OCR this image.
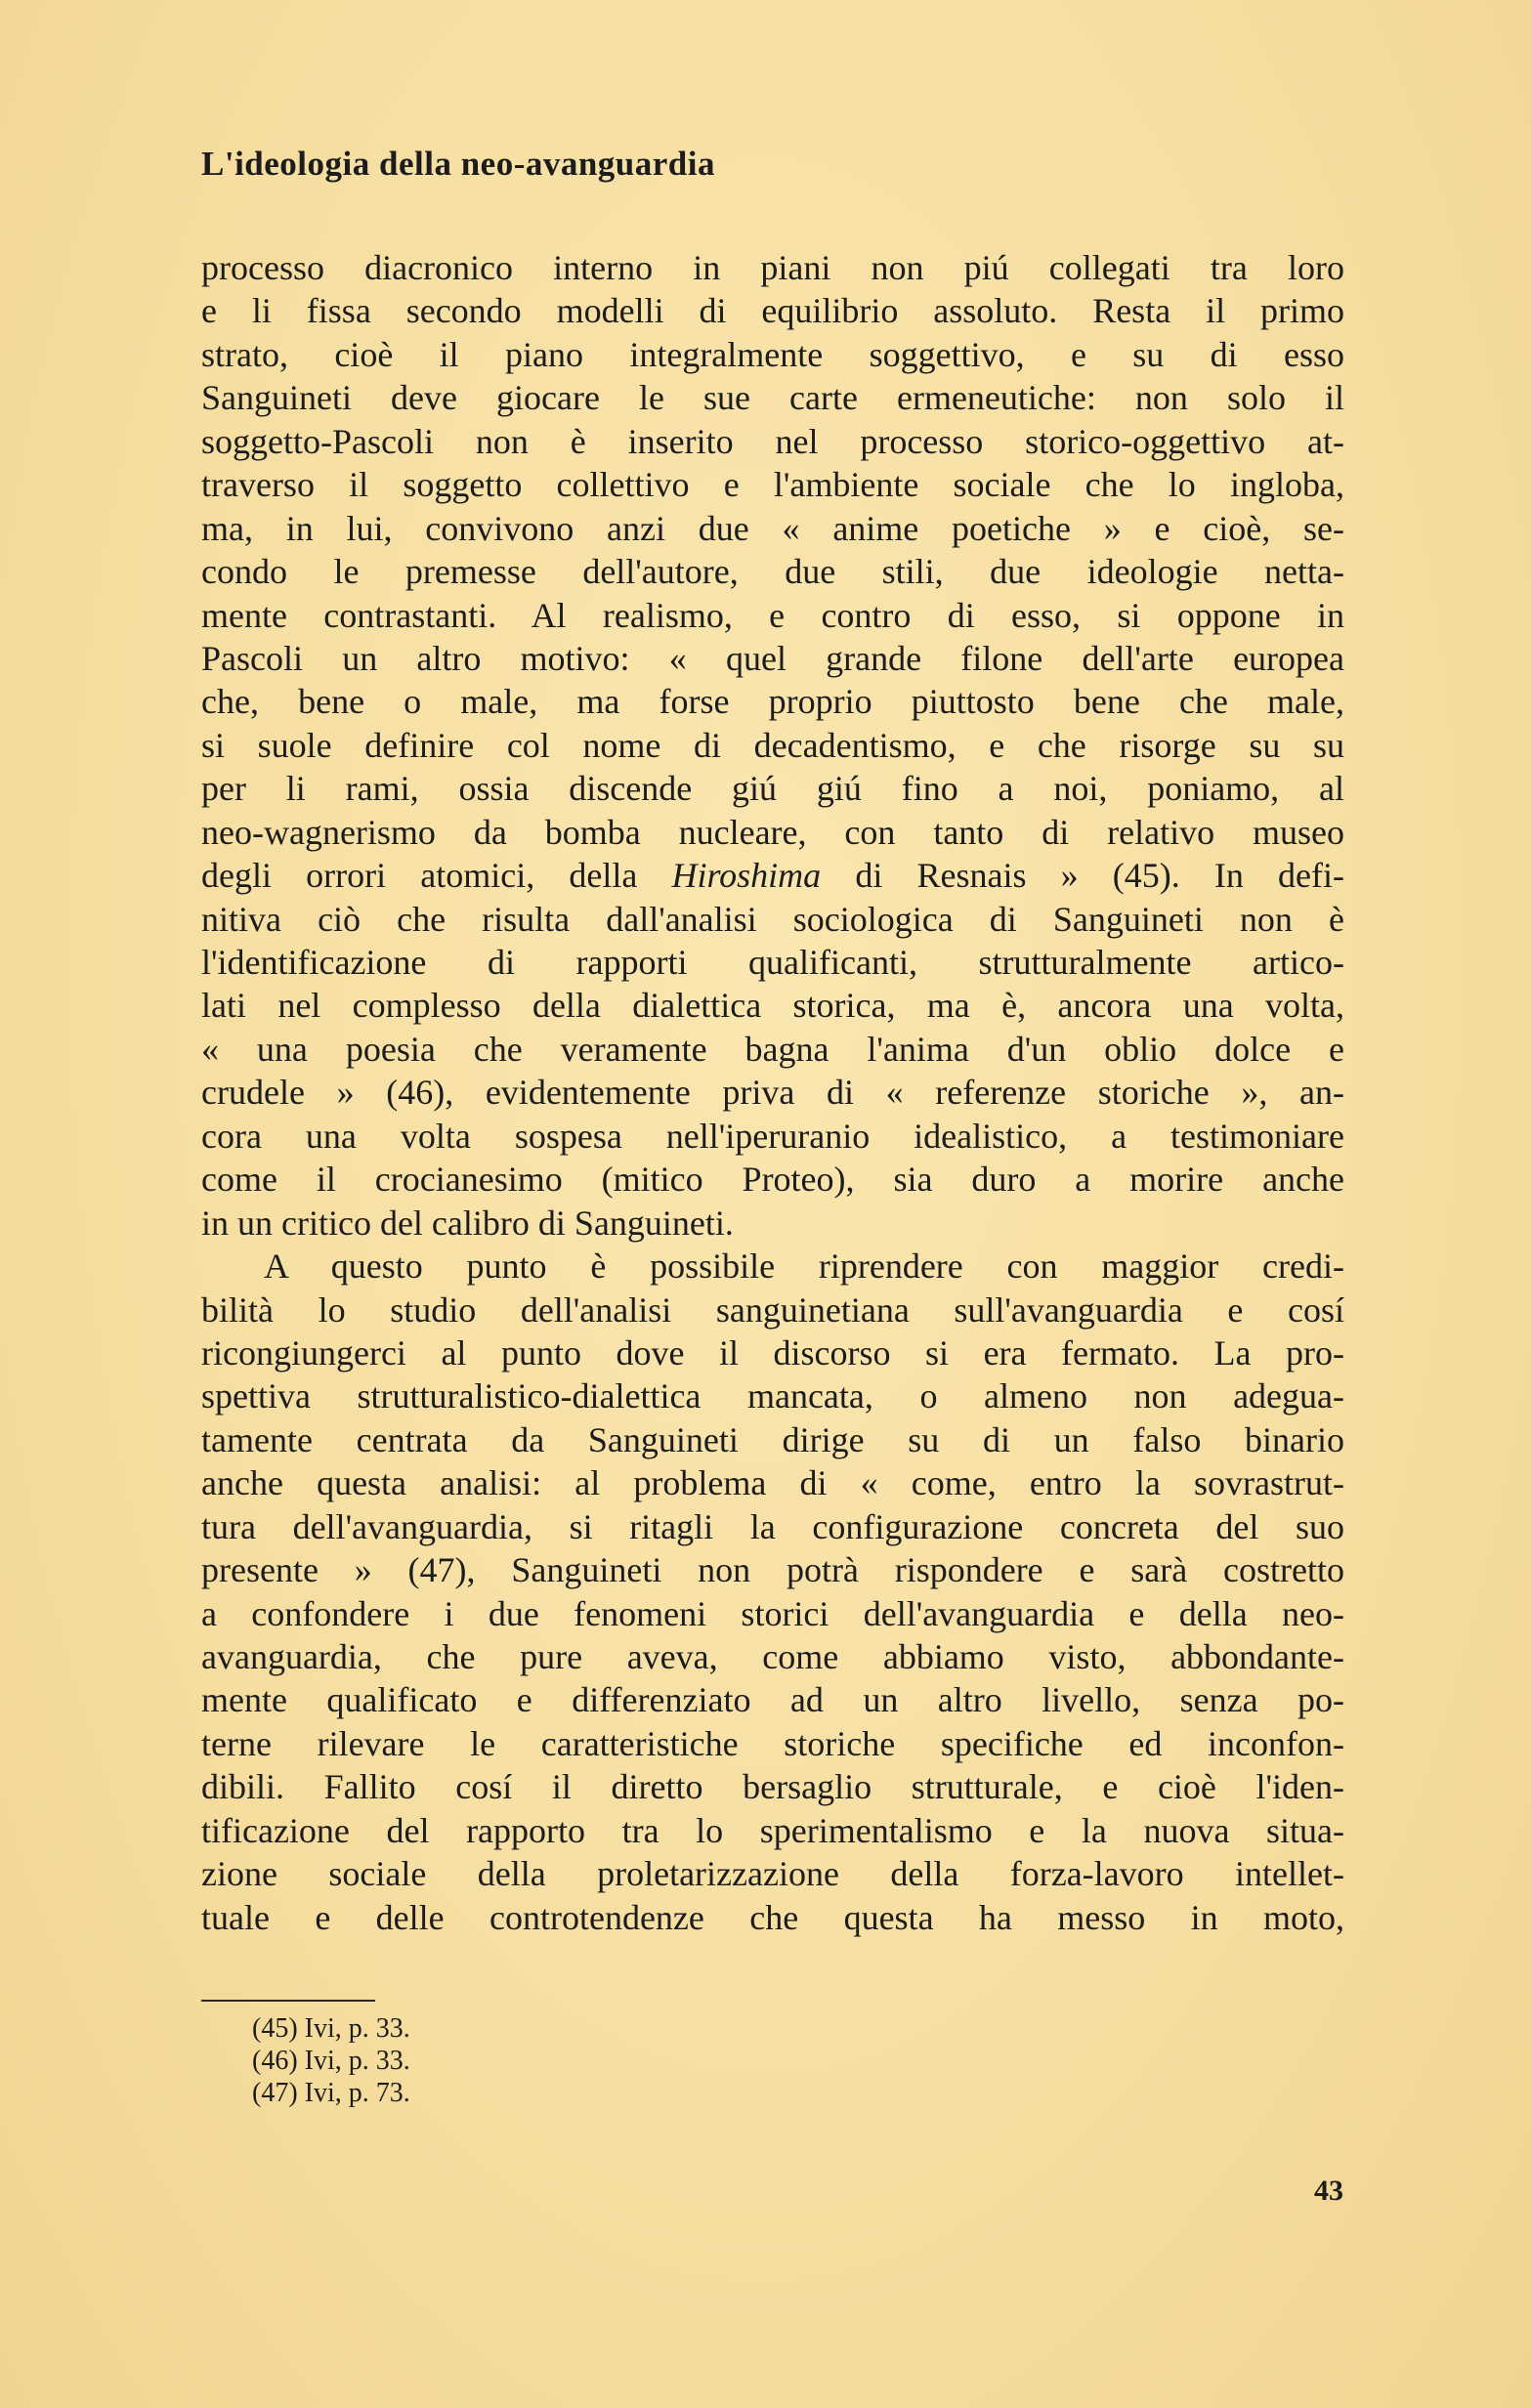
L'ideologia della neo-avanguardia
processo diacronico interno in piani non piú collegati tra loro
e li fissa secondo modelli di equilibrio assoluto. Resta il primo
strato, cioè il piano integralmente soggettivo, e su di esso
Sanguineti deve giocare le sue carte ermeneutiche: non solo il
soggetto-Pascoli non è inserito nel processo storico-oggettivo at-
traverso il soggetto collettivo e l'ambiente sociale che lo ingloba,
ma, in lui, convivono anzi due « anime poetiche » e cioè, se-
condo le premesse dell'autore, due stili, due ideologie netta-
mente contrastanti. Al realismo, e contro di esso, si oppone in
Pascoli un altro motivo: « quel grande filone dell'arte europea
che, bene o male, ma forse proprio piuttosto bene che male,
si suole definire col nome di decadentismo, e che risorge su su
per li rami, ossia discende giú giú fino a noi, poniamo, al
neo-wagnerismo da bomba nucleare, con tanto di relativo museo
degli orrori atomici, della Hiroshima di Resnais » (45). In defi-
nitiva ciò che risulta dall'analisi sociologica di Sanguineti non è
l'identificazione di rapporti qualificanti, strutturalmente artico-
lati nel complesso della dialettica storica, ma è, ancora una volta,
« una poesia che veramente bagna l'anima d'un oblio dolce e
crudele » (46), evidentemente priva di « referenze storiche », an-
cora una volta sospesa nell'iperuranio idealistico, a testimoniare
come il crocianesimo (mitico Proteo), sia duro a morire anche
in un critico del calibro di Sanguineti.
A questo punto è possibile riprendere con maggior credi-
bilità lo studio dell'analisi sanguinetiana sull'avanguardia e cosí
ricongiungerci al punto dove il discorso si era fermato. La pro-
spettiva strutturalistico-dialettica mancata, o almeno non adegua-
tamente centrata da Sanguineti dirige su di un falso binario
anche questa analisi: al problema di « come, entro la sovrastrut-
tura dell'avanguardia, si ritagli la configurazione concreta del suo
presente » (47), Sanguineti non potrà rispondere e sarà costretto
a confondere i due fenomeni storici dell'avanguardia e della neo-
avanguardia, che pure aveva, come abbiamo visto, abbondante-
mente qualificato e differenziato ad un altro livello, senza po-
terne rilevare le caratteristiche storiche specifiche ed inconfon-
dibili. Fallito cosí il diretto bersaglio strutturale, e cioè l'iden-
tificazione del rapporto tra lo sperimentalismo e la nuova situa-
zione sociale della proletarizzazione della forza-lavoro intellet-
tuale e delle controtendenze che questa ha messo in moto,
(45) Ivi, p. 33.
(46) Ivi, p. 33.
(47) Ivi, p. 73.
43
